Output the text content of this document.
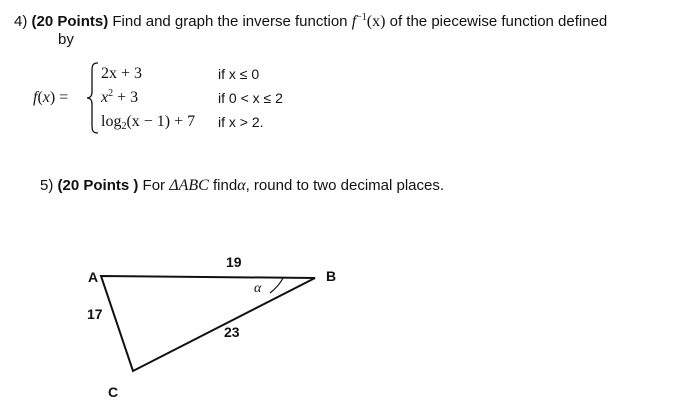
4) (20 Points) Find and graph the inverse function $f^{-1}(x)$ of the piecewise function defined
by
f(x) =
2x + 3	if x ≤ 0
$x^2 + 3$	if 0 < x ≤ 2
$\log_2(x - 1) + 7$ if x > 2.
5) (20 Points ) For ΔABC findα, round to two decimal places.
A	B
C
19
17
23
α
